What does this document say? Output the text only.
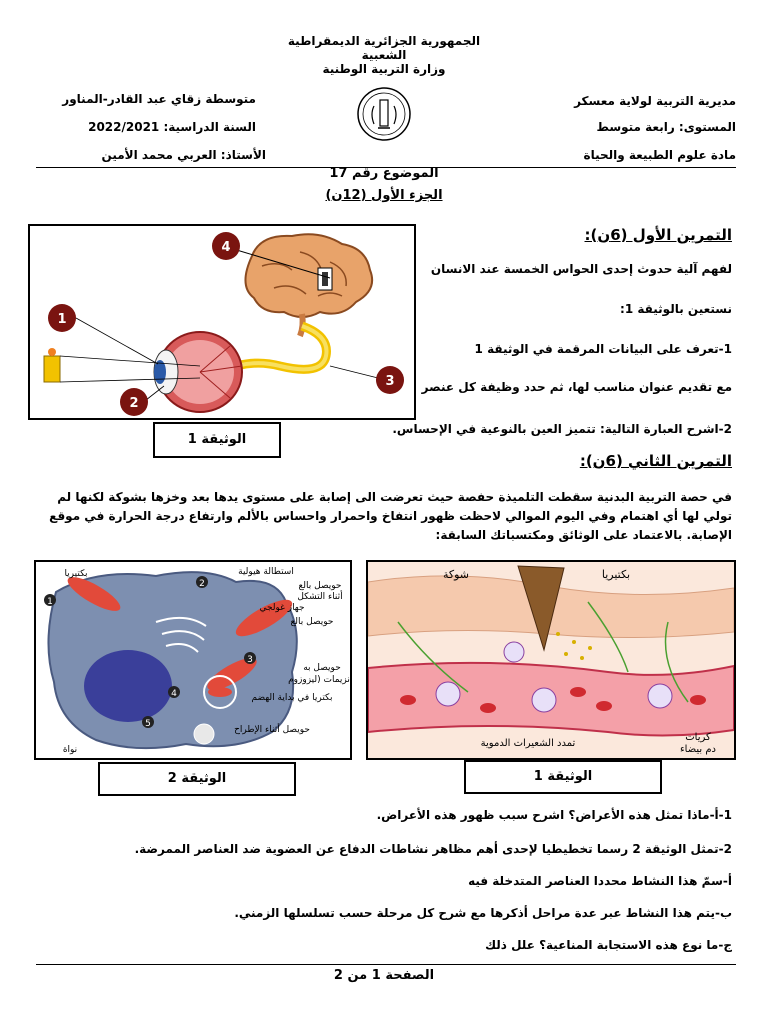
الجمهورية الجزائرية الديمقراطية الشعبية
وزارة التربية الوطنية
مديرية التربية لولاية معسكر
متوسطة زقاي عبد القادر-المناور
المستوى: رابعة متوسط
السنة الدراسية: 2022/2021
مادة علوم الطبيعة والحياة
الأستاذ: العربي محمد الأمين
الموضوع رقم 17
الجزء الأول (12ن)
التمرين الأول (6ن):
لفهم آلية حدوث إحدى الحواس الخمسة عند الانسان
نستعين بالوثيقة 1:
1-تعرف على البيانات المرقمة في الوثيقة 1
مع تقديم عنوان مناسب لها، ثم حدد وظيفة كل عنصر
2-اشرح العبارة التالية: تتميز العين بالنوعية في الإحساس.
1
2
3
4
الوثيقة 1
التمرين الثاني (6ن):
في حصة التربية البدنية سقطت التلميذة حفصة حيث تعرضت الى إصابة على مستوى يدها بعد وخزها بشوكة لكنها لم
تولي لها أي اهتمام وفي اليوم الموالي لاحظت ظهور انتفاخ واحمرار واحساس بالألم وارتفاع درجة الحرارة في موقع
الإصابة. بالاعتماد على الوثائق ومكتسباتك السابقة:
1
2
3
4
5
بكتيريا	استطالة هيولية
حويصل بالع
أثناء التشكل
جهاز غولجي
حويصل بالع
حويصل به
(أنزيمات (ليزوزوم
بكتريا في بداية الهضم
نواة
حويصل أثناء الإطراح
شوكة	بكتيريا
تمدد الشعيرات الدموية
كريات
دم بيضاء
الوثيقة 2	الوثيقة 1
1-أ-ماذا تمثل هذه الأعراض؟ اشرح سبب ظهور هذه الأعراض.
2-تمثل الوثيقة 2 رسما تخطيطيا لإحدى أهم مظاهر نشاطات الدفاع عن العضوية ضد العناصر الممرضة.
أ-سمّ هذا النشاط محددا العناصر المتدخلة فيه
ب-يتم هذا النشاط عبر عدة مراحل أذكرها مع شرح كل مرحلة حسب تسلسلها الزمني.
ج-ما نوع هذه الاستجابة المناعية؟ علل ذلك
الصفحة 1 من 2
